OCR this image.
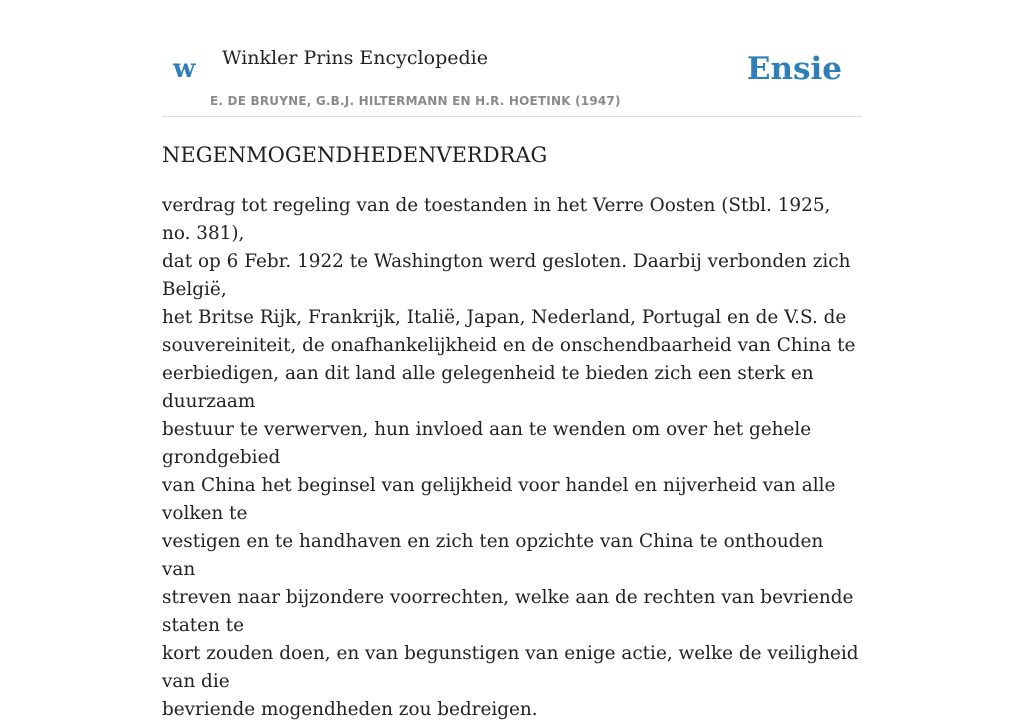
w Winkler Prins Encyclopedie
E. DE BRUYNE, G.B.J. HILTERMANN EN H.R. HOETINK (1947)
Ensie
NEGENMOGENDHEDENVERDRAG

verdrag tot regeling van de toestanden in het Verre Oosten (Stbl. 1925, no. 381),
dat op 6 Febr. 1922 te Washington werd gesloten. Daarbij verbonden zich België,
het Britse Rijk, Frankrijk, Italië, Japan, Nederland, Portugal en de V.S. de
souvereiniteit, de onafhankelijkheid en de onschendbaarheid van China te
eerbiedigen, aan dit land alle gelegenheid te bieden zich een sterk en duurzaam
bestuur te verwerven, hun invloed aan te wenden om over het gehele grondgebied
van China het beginsel van gelijkheid voor handel en nijverheid van alle volken te
vestigen en te handhaven en zich ten opzichte van China te onthouden van
streven naar bijzondere voorrechten, welke aan de rechten van bevriende staten te
kort zouden doen, en van begunstigen van enige actie, welke de veiligheid van die
bevriende mogendheden zou bedreigen.
